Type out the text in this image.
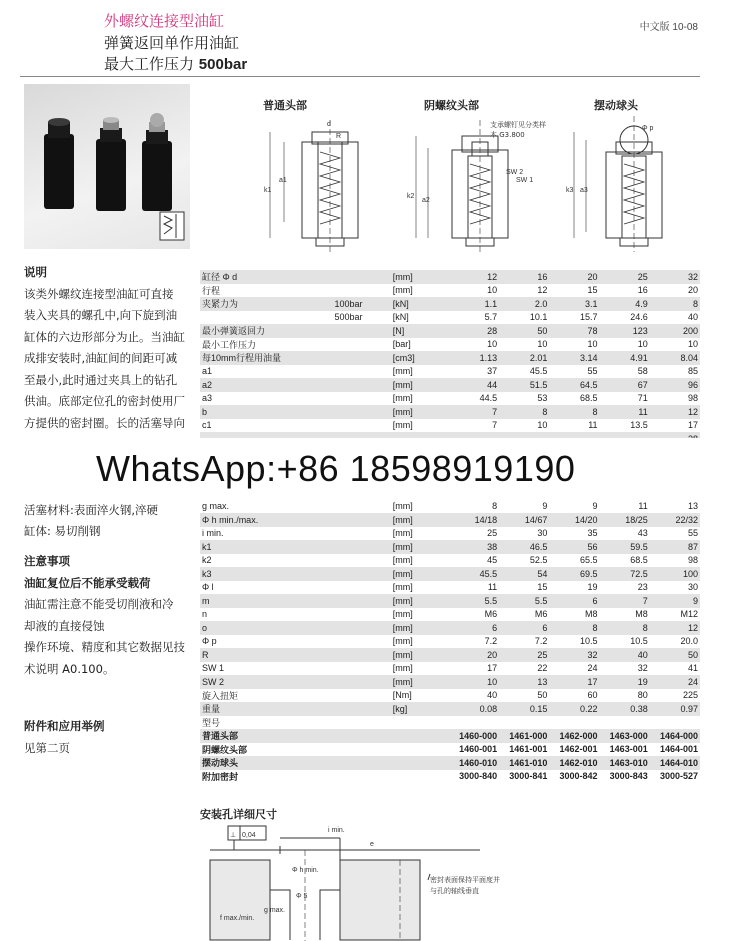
外螺纹连接型油缸
弹簧返回单作用油缸
最大工作压力 500bar
中文版 10-08
普通头部	阴螺纹头部	摆动球头
d
R
k1
a1
k2
a2
k3 a3
SW 2
SW 1
Φ p
支承螺钉见分类样
本 G3.800
说明
该类外螺纹连接型油缸可直接
装入夹具的螺孔中,向下旋到油
缸体的六边形部分为止。当油缸
成排安装时,油缸间的间距可减
至最小,此时通过夹具上的钻孔
供油。底部定位孔的密封使用厂
方提供的密封圈。长的活塞导向
活塞材料:表面淬火钢,淬硬
缸体: 易切削钢
注意事项
油缸复位后不能承受载荷
油缸需注意不能受切削液和冷
却液的直接侵蚀
操作环境、精度和其它数据见技
术说明 A0.100。
附件和应用举例
见第二页
缸径 Φ d		[mm]	12	16	20	25	32
行程		[mm]	10	12	15	16	20
夹紧力为	100bar	[kN]	1.1	2.0	3.1	4.9	8
	500bar	[kN]	5.7	10.1	15.7	24.6	40
最小弹簧返回力		[N]	28	50	78	123	200
最小工作压力		[bar]	10	10	10	10	10
每10mm行程用油量		[cm3]	1.13	2.01	3.14	4.91	8.04
a1		[mm]	37	45.5	55	58	85
a2		[mm]	44	51.5	64.5	67	96
a3		[mm]	44.5	53	68.5	71	98
b		[mm]	7	8	8	11	12
c1		[mm]	7	10	11	13.5	17

g max.		[mm]	8	9	9	11	13
Φ h min./max.		[mm]	14/18	14/67	14/20	18/25	22/32
i min.		[mm]	25	30	35	43	55
k1		[mm]	38	46.5	56	59.5	87
k2		[mm]	45	52.5	65.5	68.5	98
k3		[mm]	45.5	54	69.5	72.5	100
Φ l		[mm]	11	15	19	23	30
m		[mm]	5.5	5.5	6	7	9
n		[mm]	M6	M6	M8	M8	M12
o		[mm]	6	6	8	8	12
Φ p		[mm]	7.2	7.2	10.5	10.5	20.0
R		[mm]	20	25	32	40	50
SW 1		[mm]	17	22	24	32	41
SW 2		[mm]	10	13	17	19	24
旋入扭矩		[Nm]	40	50	60	80	225
重量		[kg]	0.08	0.15	0.22	0.38	0.97
型号							
普通头部			1460-000	1461-000	1462-000	1463-000	1464-000
阴螺纹头部			1460-001	1461-001	1462-001	1463-001	1464-001
摆动球头			1460-010	1461-010	1462-010	1463-010	1464-010
附加密封			3000-840	3000-841	3000-842	3000-843	3000-527
WhatsApp:+86 18598919190
安装孔详细尺寸
⊥ 0,04
i min.
e
Φ h min.
Φ 5
g max.
f max./min.
密封表面保持平面度并
与孔的轴线垂直
